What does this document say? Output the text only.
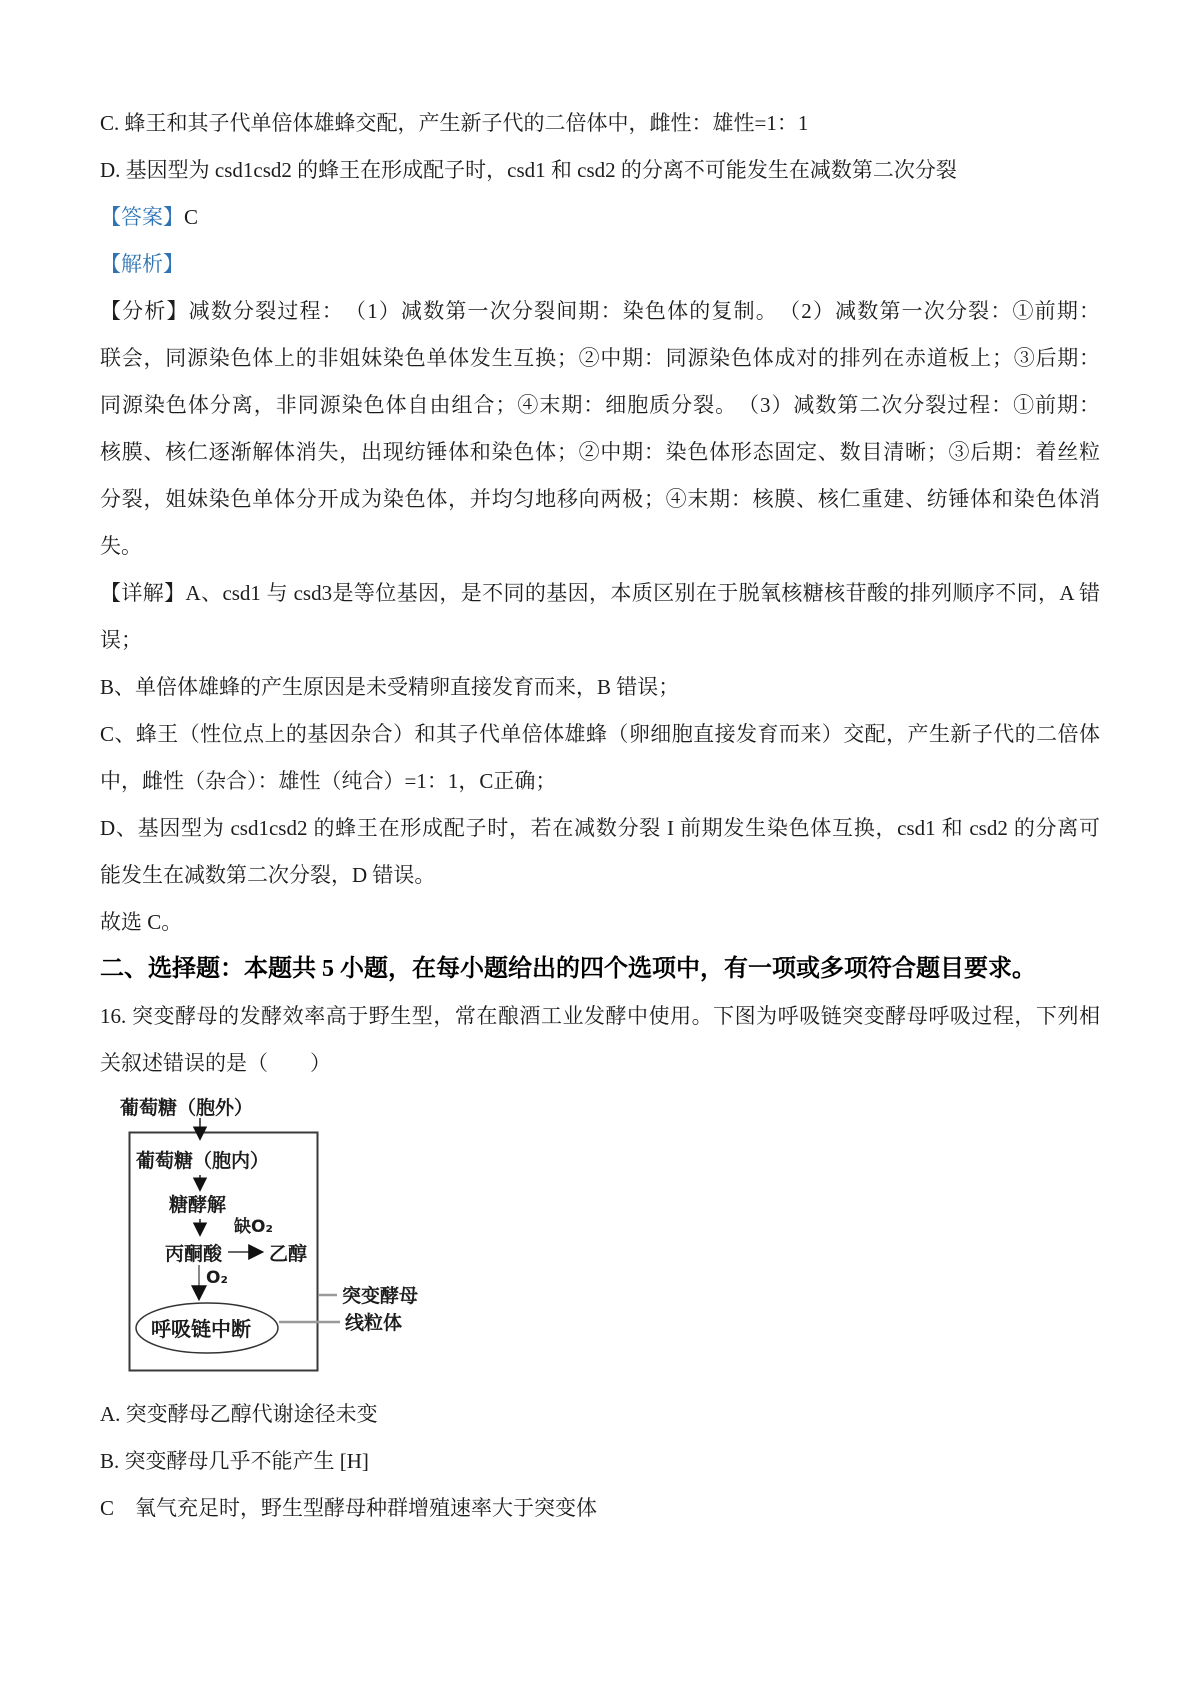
C. 蜂王和其子代单倍体雄蜂交配，产生新子代的二倍体中，雌性：雄性=1：1
D. 基因型为 csd1csd2 的蜂王在形成配子时，csd1 和 csd2 的分离不可能发生在减数第二次分裂
【答案】C
【解析】
【分析】减数分裂过程：　（1）减数第一次分裂间期：染色体的复制。　（2）减数第一次分裂：①前期：
联会，同源染色体上的非姐妹染色单体发生互换；②中期：同源染色体成对的排列在赤道板上；③后期：
同源染色体分离，非同源染色体自由组合；④末期：细胞质分裂。　（3）减数第二次分裂过程：①前期：
核膜、核仁逐渐解体消失，出现纺锤体和染色体；②中期：染色体形态固定、数目清晰；③后期：着丝粒
分裂，姐妹染色单体分开成为染色体，并均匀地移向两极；④末期：核膜、核仁重建、纺锤体和染色体消
失。
【详解】A、csd1 与 csd3是等位基因，是不同的基因，本质区别在于脱氧核糖核苷酸的排列顺序不同，A 错
误；
B、单倍体雄蜂的产生原因是未受精卵直接发育而来，B 错误；
C、蜂王（性位点上的基因杂合）和其子代单倍体雄蜂（卵细胞直接发育而来）交配，产生新子代的二倍体
中，雌性（杂合）：雄性（纯合）=1：1，C正确；
D、基因型为 csd1csd2 的蜂王在形成配子时，若在减数分裂 I 前期发生染色体互换，csd1 和 csd2 的分离可
能发生在减数第二次分裂，D 错误。
故选 C。
二、选择题：本题共 5 小题，在每小题给出的四个选项中，有一项或多项符合题目要求。
16. 突变酵母的发酵效率高于野生型，常在酿酒工业发酵中使用。下图为呼吸链突变酵母呼吸过程，下列相
关叙述错误的是（　　）
葡萄糖（胞外）
葡萄糖（胞内）
糖酵解
缺O₂
丙酮酸 乙醇
O₂
呼吸链中断
突变酵母
线粒体
A. 突变酵母乙醇代谢途径未变
B. 突变酵母几乎不能产生 [H]
C　氧气充足时，野生型酵母种群增殖速率大于突变体
